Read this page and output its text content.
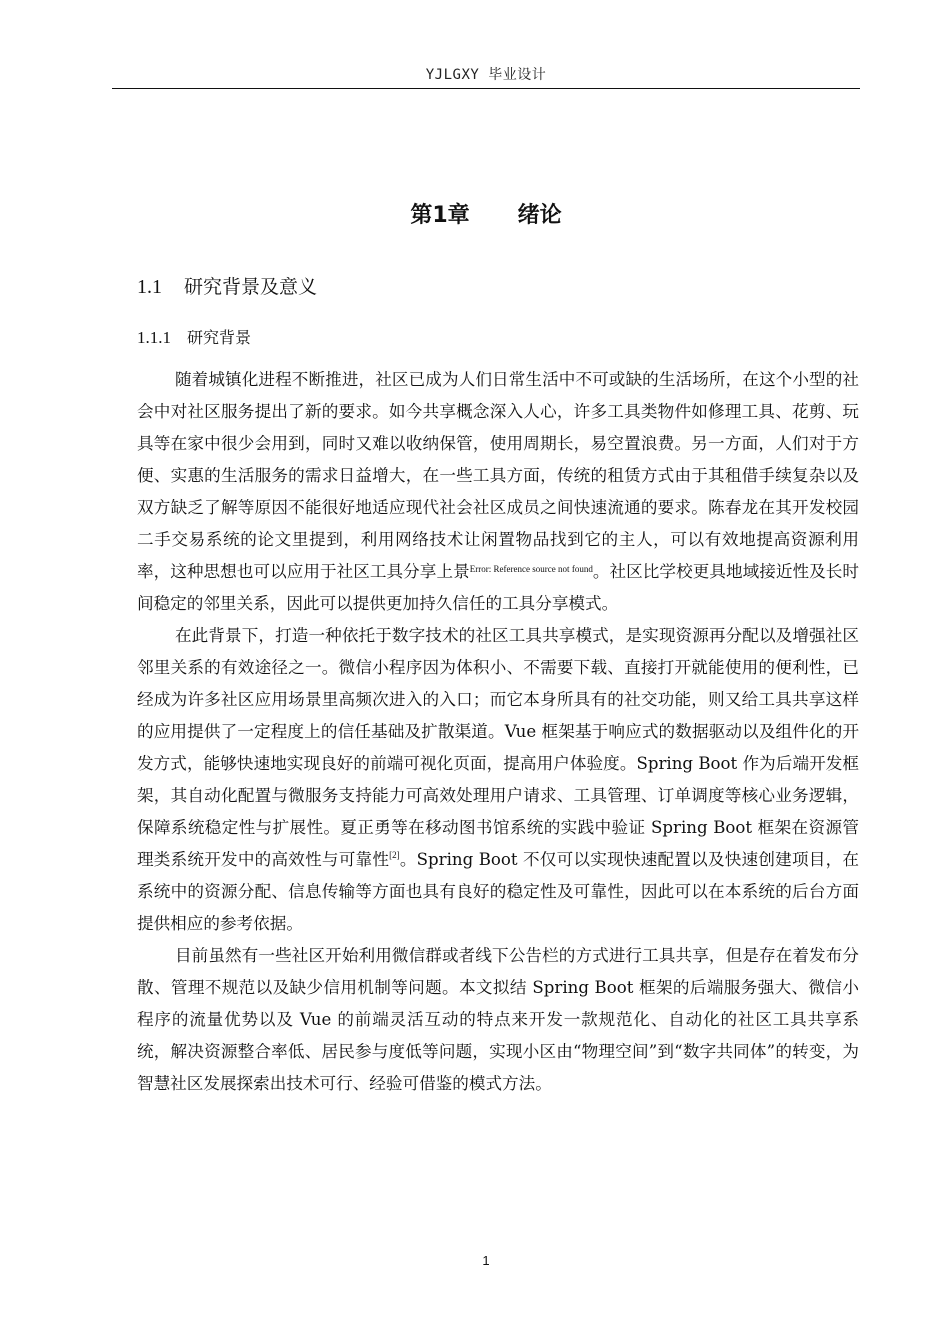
YJLGXY 毕业设计
第1章 绪论
1.1 研究背景及意义
1.1.1 研究背景

随着城镇化进程不断推进，社区已成为人们日常生活中不可或缺的生活场所，在这个小型的社会中对社区服务提出了新的要求。如今共享概念深入人心，许多工具类物件如修理工具、花剪、玩具等在家中很少会用到，同时又难以收纳保管，使用周期长，易空置浪费。另一方面，人们对于方便、实惠的生活服务的需求日益增大，在一些工具方面，传统的租赁方式由于其租借手续复杂以及双方缺乏了解等原因不能很好地适应现代社会社区成员之间快速流通的要求。陈春龙在其开发校园二手交易系统的论文里提到，利用网络技术让闲置物品找到它的主人，可以有效地提高资源利用率，这种思想也可以应用于社区工具分享上景$^{Error: Reference source not found}$。社区比学校更具地域接近性及长时间稳定的邻里关系，因此可以提供更加持久信任的工具分享模式。

在此背景下，打造一种依托于数字技术的社区工具共享模式，是实现资源再分配以及增强社区邻里关系的有效途径之一。微信小程序因为体积小、不需要下载、直接打开就能使用的便利性，已经成为许多社区应用场景里高频次进入的入口；而它本身所具有的社交功能，则又给工具共享这样的应用提供了一定程度上的信任基础及扩散渠道。Vue 框架基于响应式的数据驱动以及组件化的开发方式，能够快速地实现良好的前端可视化页面，提高用户体验度。Spring Boot 作为后端开发框架，其自动化配置与微服务支持能力可高效处理用户请求、工具管理、订单调度等核心业务逻辑，保障系统稳定性与扩展性。夏正勇等在移动图书馆系统的实践中验证 Spring Boot 框架在资源管理类系统开发中的高效性与可靠性[2]。Spring Boot 不仅可以实现快速配置以及快速创建项目，在系统中的资源分配、信息传输等方面也具有良好的稳定性及可靠性，因此可以在本系统的后台方面提供相应的参考依据。

目前虽然有一些社区开始利用微信群或者线下公告栏的方式进行工具共享，但是存在着发布分散、管理不规范以及缺少信用机制等问题。本文拟结 Spring Boot 框架的后端服务强大、微信小程序的流量优势以及 Vue 的前端灵活互动的特点来开发一款规范化、自动化的社区工具共享系统，解决资源整合率低、居民参与度低等问题，实现小区由“物理空间”到“数字共同体”的转变，为智慧社区发展探索出技术可行、经验可借鉴的模式方法。

1
